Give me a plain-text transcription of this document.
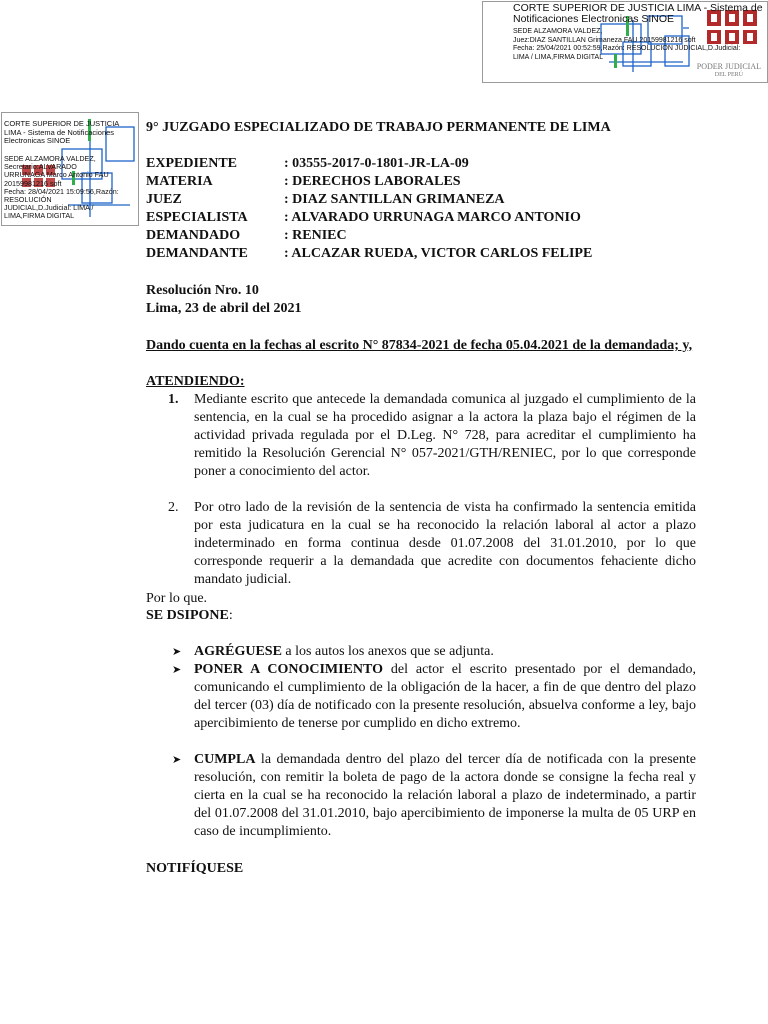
CORTE SUPERIOR DE JUSTICIA LIMA - Sistema de Notificaciones Electronicas SINOE
SEDE ALZAMORA VALDEZ,
Juez:DIAZ SANTILLAN Grimaneza FAU 20159981216 soft
Fecha: 25/04/2021 00:52:59,Razón: RESOLUCIÓN JUDICIAL,D.Judicial:
LIMA / LIMA,FIRMA DIGITAL
PODER JUDICIAL
DEL PERÚ
CORTE SUPERIOR DE JUSTICIA LIMA - Sistema de Notificaciones Electronicas SINOE
SEDE ALZAMORA VALDEZ,
Secretario:ALVARADO
URRUNAGA Marco Antonio FAU
20159981216 soft
Fecha: 28/04/2021 15:09:56,Razón:
RESOLUCIÓN
JUDICIAL,D.Judicial: LIMA /
LIMA,FIRMA DIGITAL
9° JUZGADO ESPECIALIZADO DE TRABAJO PERMANENTE DE LIMA
EXPEDIENTE	: 03555-2017-0-1801-JR-LA-09
MATERIA	: DERECHOS LABORALES
JUEZ	: DIAZ SANTILLAN GRIMANEZA
ESPECIALISTA	: ALVARADO URRUNAGA MARCO ANTONIO
DEMANDADO	: RENIEC
DEMANDANTE	: ALCAZAR RUEDA, VICTOR CARLOS FELIPE
Resolución Nro. 10
Lima, 23 de abril del 2021
Dando cuenta en la fechas al escrito N° 87834-2021 de fecha 05.04.2021 de la demandada; y,
ATENDIENDO:
1. Mediante escrito que antecede la demandada comunica al juzgado el cumplimiento de la sentencia, en la cual se ha procedido asignar a la actora la plaza bajo el régimen de la actividad privada regulada por el D.Leg. N° 728, para acreditar el cumplimiento ha remitido la Resolución Gerencial N° 057-2021/GTH/RENIEC, por lo que corresponde poner a conocimiento del actor.
2. Por otro lado de la revisión de la sentencia de vista ha confirmado la sentencia emitida por esta judicatura en la cual se ha reconocido la relación laboral al actor a plazo indeterminado en forma continua desde 01.07.2008 del 31.01.2010, por lo que corresponde requerir a la demandada que acredite con documentos fehaciente dicho mandato judicial.
Por lo que.
SE DSIPONE:
➤ AGRÉGUESE a los autos los anexos que se adjunta.
➤ PONER A CONOCIMIENTO del actor el escrito presentado por el demandado, comunicando el cumplimiento de la obligación de la hacer, a fin de que dentro del plazo del tercer (03) día de notificado con la presente resolución, absuelva conforme a ley, bajo apercibimiento de tenerse por cumplido en dicho extremo.
➤ CUMPLA la demandada dentro del plazo del tercer día de notificada con la presente resolución, con remitir la boleta de pago de la actora donde se consigne la fecha real y cierta en la cual se ha reconocido la relación laboral a plazo de indeterminado, a partir del 01.07.2008 del 31.01.2010, bajo apercibimiento de imponerse la multa de 05 URP en caso de incumplimiento.
NOTIFÍQUESE
